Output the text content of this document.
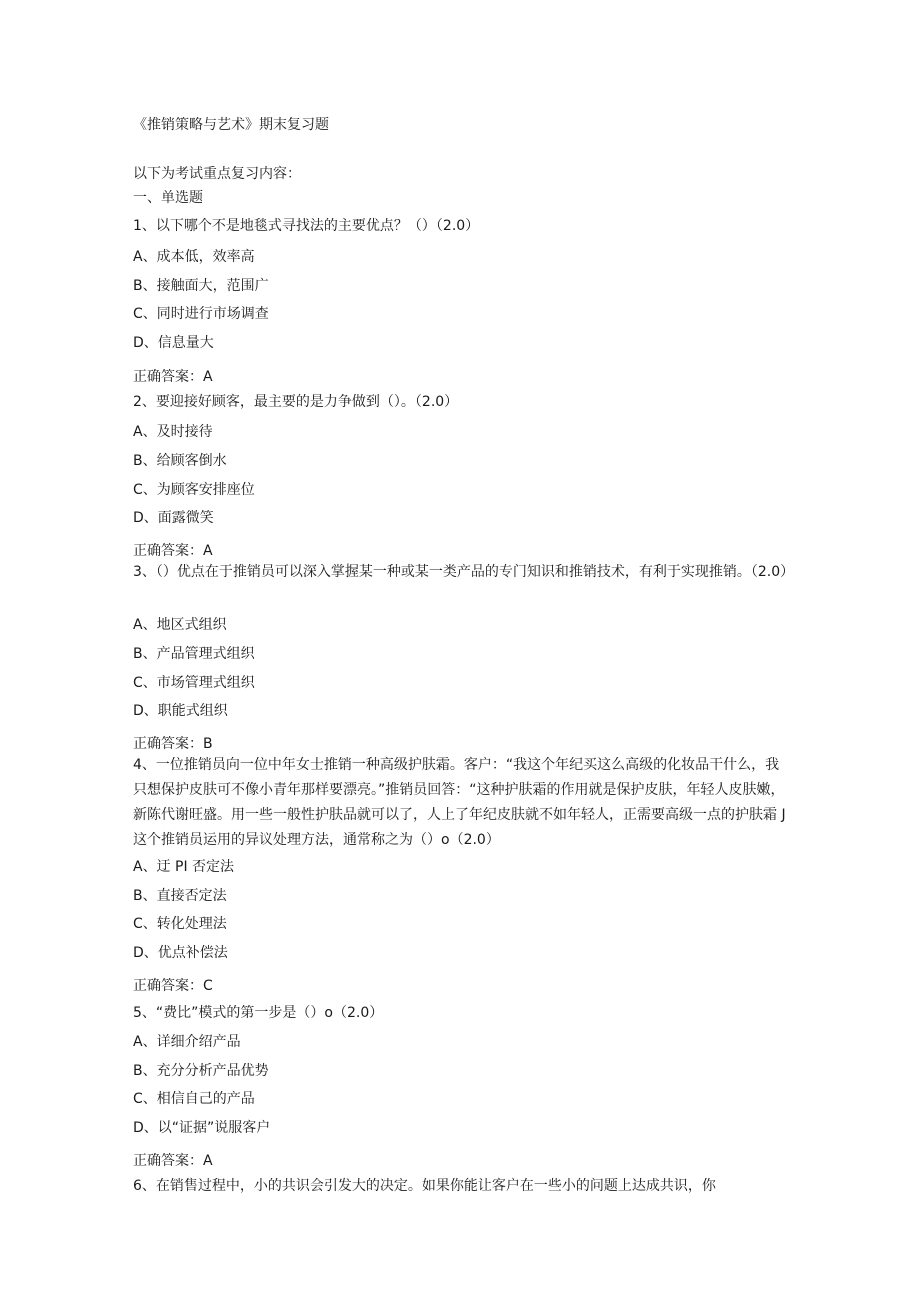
《推销策略与艺术》期末复习题
以下为考试重点复习内容：
一、单选题
1、以下哪个不是地毯式寻找法的主要优点？（）（2.0）
A、成本低，效率高
B、接触面大，范围广
C、同时进行市场调查
D、信息量大
正确答案：A
2、要迎接好顾客，最主要的是力争做到（）。（2.0）
A、及时接待
B、给顾客倒水
C、为顾客安排座位
D、面露微笑
正确答案：A
3、（）优点在于推销员可以深入掌握某一种或某一类产品的专门知识和推销技术，有利于实现推销。（2.0）
A、地区式组织
B、产品管理式组织
C、市场管理式组织
D、职能式组织
正确答案：B
4、一位推销员向一位中年女士推销一种高级护肤霜。客户：“我这个年纪买这么高级的化妆品干什么，我只想保护皮肤可不像小青年那样要漂亮。”推销员回答：“这种护肤霜的作用就是保护皮肤，年轻人皮肤嫩，新陈代谢旺盛。用一些一般性护肤品就可以了，人上了年纪皮肤就不如年轻人，正需要高级一点的护肤霜 J 这个推销员运用的异议处理方法，通常称之为（）o（2.0）
A、迂 PI 否定法
B、直接否定法
C、转化处理法
D、优点补偿法
正确答案：C
5、“费比”模式的第一步是（）o（2.0）
A、详细介绍产品
B、充分分析产品优势
C、相信自己的产品
D、以“证据”说服客户
正确答案：A
6、在销售过程中，小的共识会引发大的决定。如果你能让客户在一些小的问题上达成共识，你
